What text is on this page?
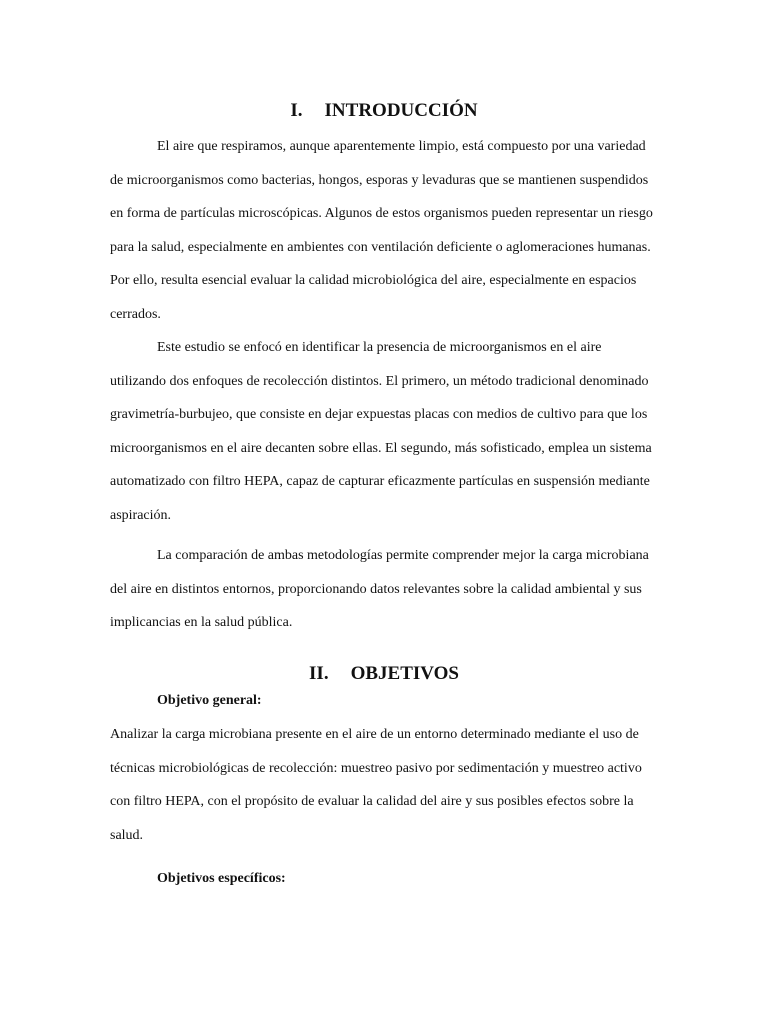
I. INTRODUCCIÓN

El aire que respiramos, aunque aparentemente limpio, está compuesto por una variedad de microorganismos como bacterias, hongos, esporas y levaduras que se mantienen suspendidos en forma de partículas microscópicas. Algunos de estos organismos pueden representar un riesgo para la salud, especialmente en ambientes con ventilación deficiente o aglomeraciones humanas. Por ello, resulta esencial evaluar la calidad microbiológica del aire, especialmente en espacios cerrados.

Este estudio se enfocó en identificar la presencia de microorganismos en el aire utilizando dos enfoques de recolección distintos. El primero, un método tradicional denominado gravimetría-burbujeo, que consiste en dejar expuestas placas con medios de cultivo para que los microorganismos en el aire decanten sobre ellas. El segundo, más sofisticado, emplea un sistema automatizado con filtro HEPA, capaz de capturar eficazmente partículas en suspensión mediante aspiración.

La comparación de ambas metodologías permite comprender mejor la carga microbiana del aire en distintos entornos, proporcionando datos relevantes sobre la calidad ambiental y sus implicancias en la salud pública.

II. OBJETIVOS

Objetivo general:

Analizar la carga microbiana presente en el aire de un entorno determinado mediante el uso de técnicas microbiológicas de recolección: muestreo pasivo por sedimentación y muestreo activo con filtro HEPA, con el propósito de evaluar la calidad del aire y sus posibles efectos sobre la salud.

Objetivos específicos:
